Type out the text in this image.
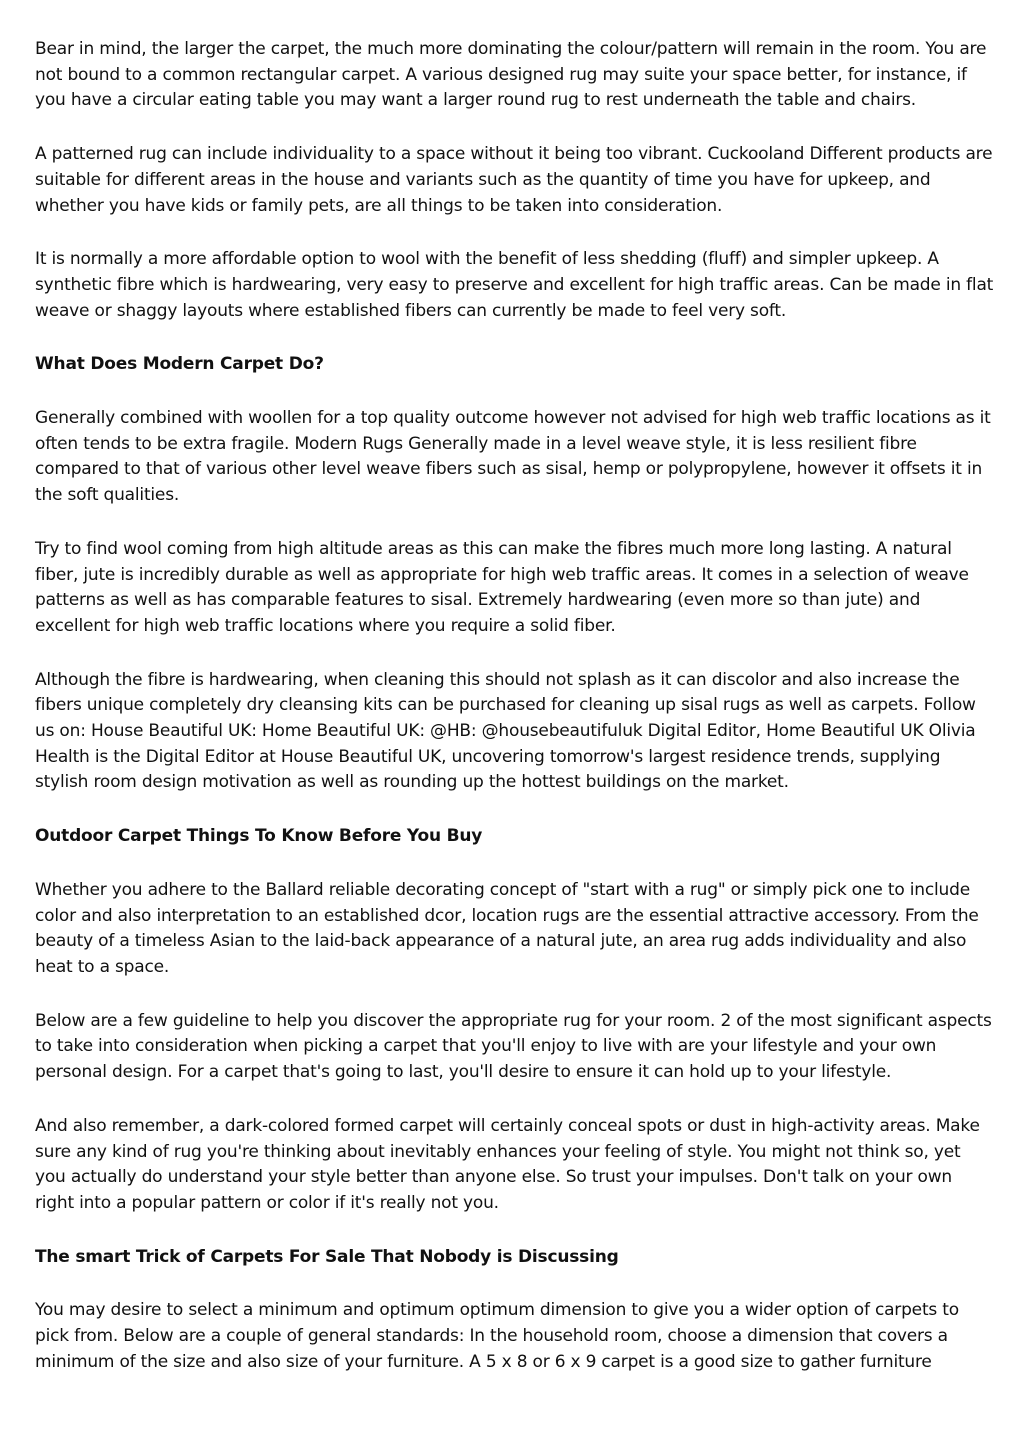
Bear in mind, the larger the carpet, the much more dominating the colour/pattern will remain in the room. You are not bound to a common rectangular carpet. A various designed rug may suite your space better, for instance, if you have a circular eating table you may want a larger round rug to rest underneath the table and chairs.

A patterned rug can include individuality to a space without it being too vibrant. Cuckooland Different products are suitable for different areas in the house and variants such as the quantity of time you have for upkeep, and whether you have kids or family pets, are all things to be taken into consideration.

It is normally a more affordable option to wool with the benefit of less shedding (fluff) and simpler upkeep. A synthetic fibre which is hardwearing, very easy to preserve and excellent for high traffic areas. Can be made in flat weave or shaggy layouts where established fibers can currently be made to feel very soft.

What Does Modern Carpet Do?

Generally combined with woollen for a top quality outcome however not advised for high web traffic locations as it often tends to be extra fragile. Modern Rugs Generally made in a level weave style, it is less resilient fibre compared to that of various other level weave fibers such as sisal, hemp or polypropylene, however it offsets it in the soft qualities.

Try to find wool coming from high altitude areas as this can make the fibres much more long lasting. A natural fiber, jute is incredibly durable as well as appropriate for high web traffic areas. It comes in a selection of weave patterns as well as has comparable features to sisal. Extremely hardwearing (even more so than jute) and excellent for high web traffic locations where you require a solid fiber.

Although the fibre is hardwearing, when cleaning this should not splash as it can discolor and also increase the fibers unique completely dry cleansing kits can be purchased for cleaning up sisal rugs as well as carpets. Follow us on: House Beautiful UK: Home Beautiful UK: @HB: @housebeautifuluk Digital Editor, Home Beautiful UK Olivia Health is the Digital Editor at House Beautiful UK, uncovering tomorrow's largest residence trends, supplying stylish room design motivation as well as rounding up the hottest buildings on the market.

Outdoor Carpet Things To Know Before You Buy

Whether you adhere to the Ballard reliable decorating concept of "start with a rug" or simply pick one to include color and also interpretation to an established dcor, location rugs are the essential attractive accessory. From the beauty of a timeless Asian to the laid-back appearance of a natural jute, an area rug adds individuality and also heat to a space.

Below are a few guideline to help you discover the appropriate rug for your room. 2 of the most significant aspects to take into consideration when picking a carpet that you'll enjoy to live with are your lifestyle and your own personal design. For a carpet that's going to last, you'll desire to ensure it can hold up to your lifestyle.

And also remember, a dark-colored formed carpet will certainly conceal spots or dust in high-activity areas. Make sure any kind of rug you're thinking about inevitably enhances your feeling of style. You might not think so, yet you actually do understand your style better than anyone else. So trust your impulses. Don't talk on your own right into a popular pattern or color if it's really not you.

The smart Trick of Carpets For Sale That Nobody is Discussing

You may desire to select a minimum and optimum optimum dimension to give you a wider option of carpets to pick from. Below are a couple of general standards: In the household room, choose a dimension that covers a minimum of the size and also size of your furniture. A 5 x 8 or 6 x 9 carpet is a good size to gather furniture
